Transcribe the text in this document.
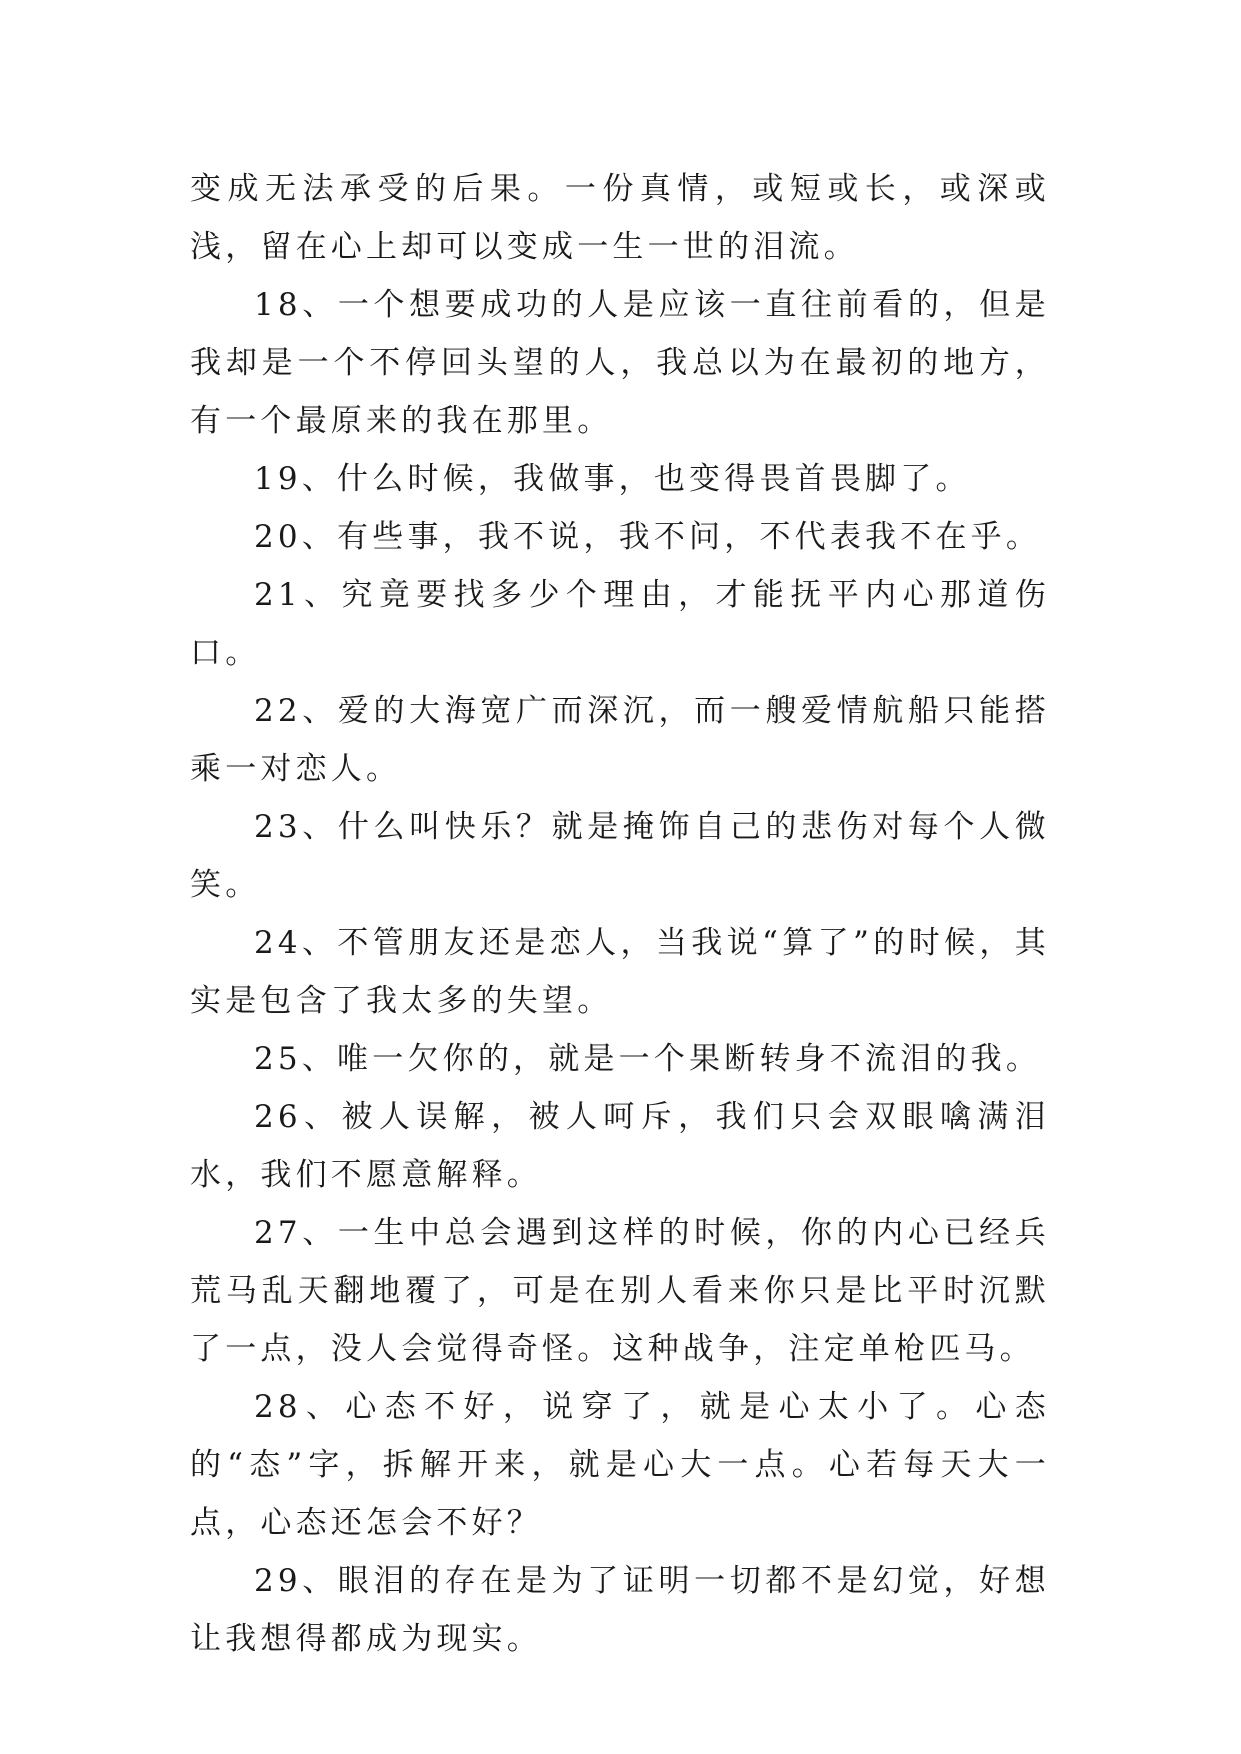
变成无法承受的后果。一份真情，或短或长，或深或浅，留在心上却可以变成一生一世的泪流。

18、一个想要成功的人是应该一直往前看的，但是我却是一个不停回头望的人，我总以为在最初的地方，有一个最原来的我在那里。

19、什么时候，我做事，也变得畏首畏脚了。

20、有些事，我不说，我不问，不代表我不在乎。

21、究竟要找多少个理由，才能抚平内心那道伤口。

22、爱的大海宽广而深沉，而一艘爱情航船只能搭乘一对恋人。

23、什么叫快乐？就是掩饰自己的悲伤对每个人微笑。

24、不管朋友还是恋人，当我说“算了”的时候，其实是包含了我太多的失望。

25、唯一欠你的，就是一个果断转身不流泪的我。

26、被人误解，被人呵斥，我们只会双眼噙满泪水，我们不愿意解释。

27、一生中总会遇到这样的时候，你的内心已经兵荒马乱天翻地覆了，可是在别人看来你只是比平时沉默了一点，没人会觉得奇怪。这种战争，注定单枪匹马。

28、心态不好，说穿了，就是心太小了。心态的“态”字，拆解开来，就是心大一点。心若每天大一点，心态还怎会不好？

29、眼泪的存在是为了证明一切都不是幻觉，好想让我想得都成为现实。
